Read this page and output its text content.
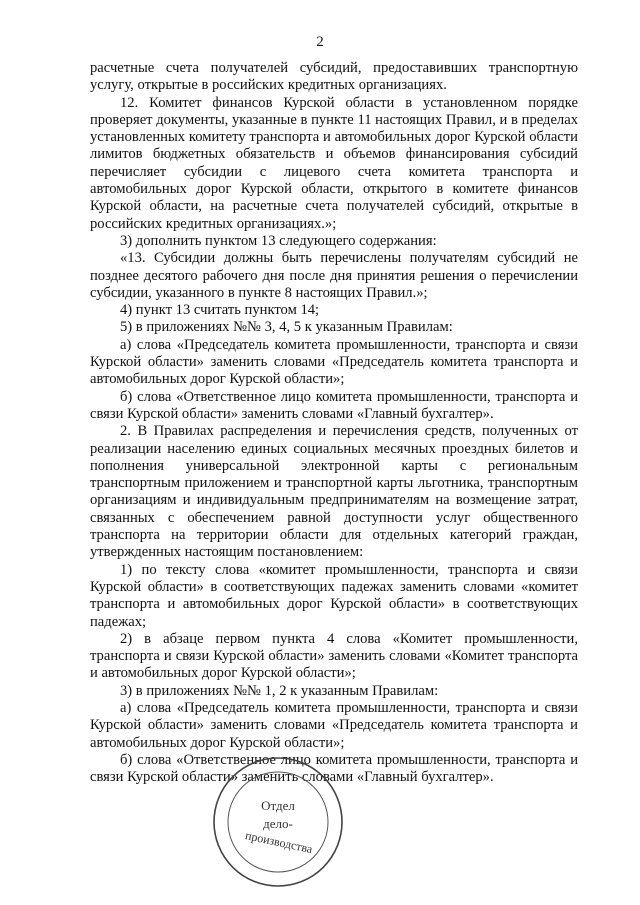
2

расчетные счета получателей субсидий, предоставивших транспортную услугу, открытые в российских кредитных организациях.

12. Комитет финансов Курской области в установленном порядке проверяет документы, указанные в пункте 11 настоящих Правил, и в пределах установленных комитету транспорта и автомобильных дорог Курской области лимитов бюджетных обязательств и объемов финансирования субсидий перечисляет субсидии с лицевого счета комитета транспорта и автомобильных дорог Курской области, открытого в комитете финансов Курской области, на расчетные счета получателей субсидий, открытые в российских кредитных организациях.»;

3) дополнить пунктом 13 следующего содержания:

«13. Субсидии должны быть перечислены получателям субсидий не позднее десятого рабочего дня после дня принятия решения о перечислении субсидии, указанного в пункте 8 настоящих Правил.»;

4) пункт 13 считать пунктом 14;

5) в приложениях №№ 3, 4, 5 к указанным Правилам:

а) слова «Председатель комитета промышленности, транспорта и связи Курской области» заменить словами «Председатель комитета транспорта и автомобильных дорог Курской области»;

б) слова «Ответственное лицо комитета промышленности, транспорта и связи Курской области» заменить словами «Главный бухгалтер».

2. В Правилах распределения и перечисления средств, полученных от реализации населению единых социальных месячных проездных билетов и пополнения универсальной электронной карты с региональным транспортным приложением и транспортной карты льготника, транспортным организациям и индивидуальным предпринимателям на возмещение затрат, связанных с обеспечением равной доступности услуг общественного транспорта на территории области для отдельных категорий граждан, утвержденных настоящим постановлением:

1) по тексту слова «комитет промышленности, транспорта и связи Курской области» в соответствующих падежах заменить словами «комитет транспорта и автомобильных дорог Курской области» в соответствующих падежах;

2) в абзаце первом пункта 4 слова «Комитет промышленности, транспорта и связи Курской области» заменить словами «Комитет транспорта и автомобильных дорог Курской области»;

3) в приложениях №№ 1, 2 к указанным Правилам:

а) слова «Председатель комитета промышленности, транспорта и связи Курской области» заменить словами «Председатель комитета транспорта и автомобильных дорог Курской области»;

б) слова «Ответственное лицо комитета промышленности, транспорта и связи Курской области» заменить словами «Главный бухгалтер».

Отдел
дело-
производства
